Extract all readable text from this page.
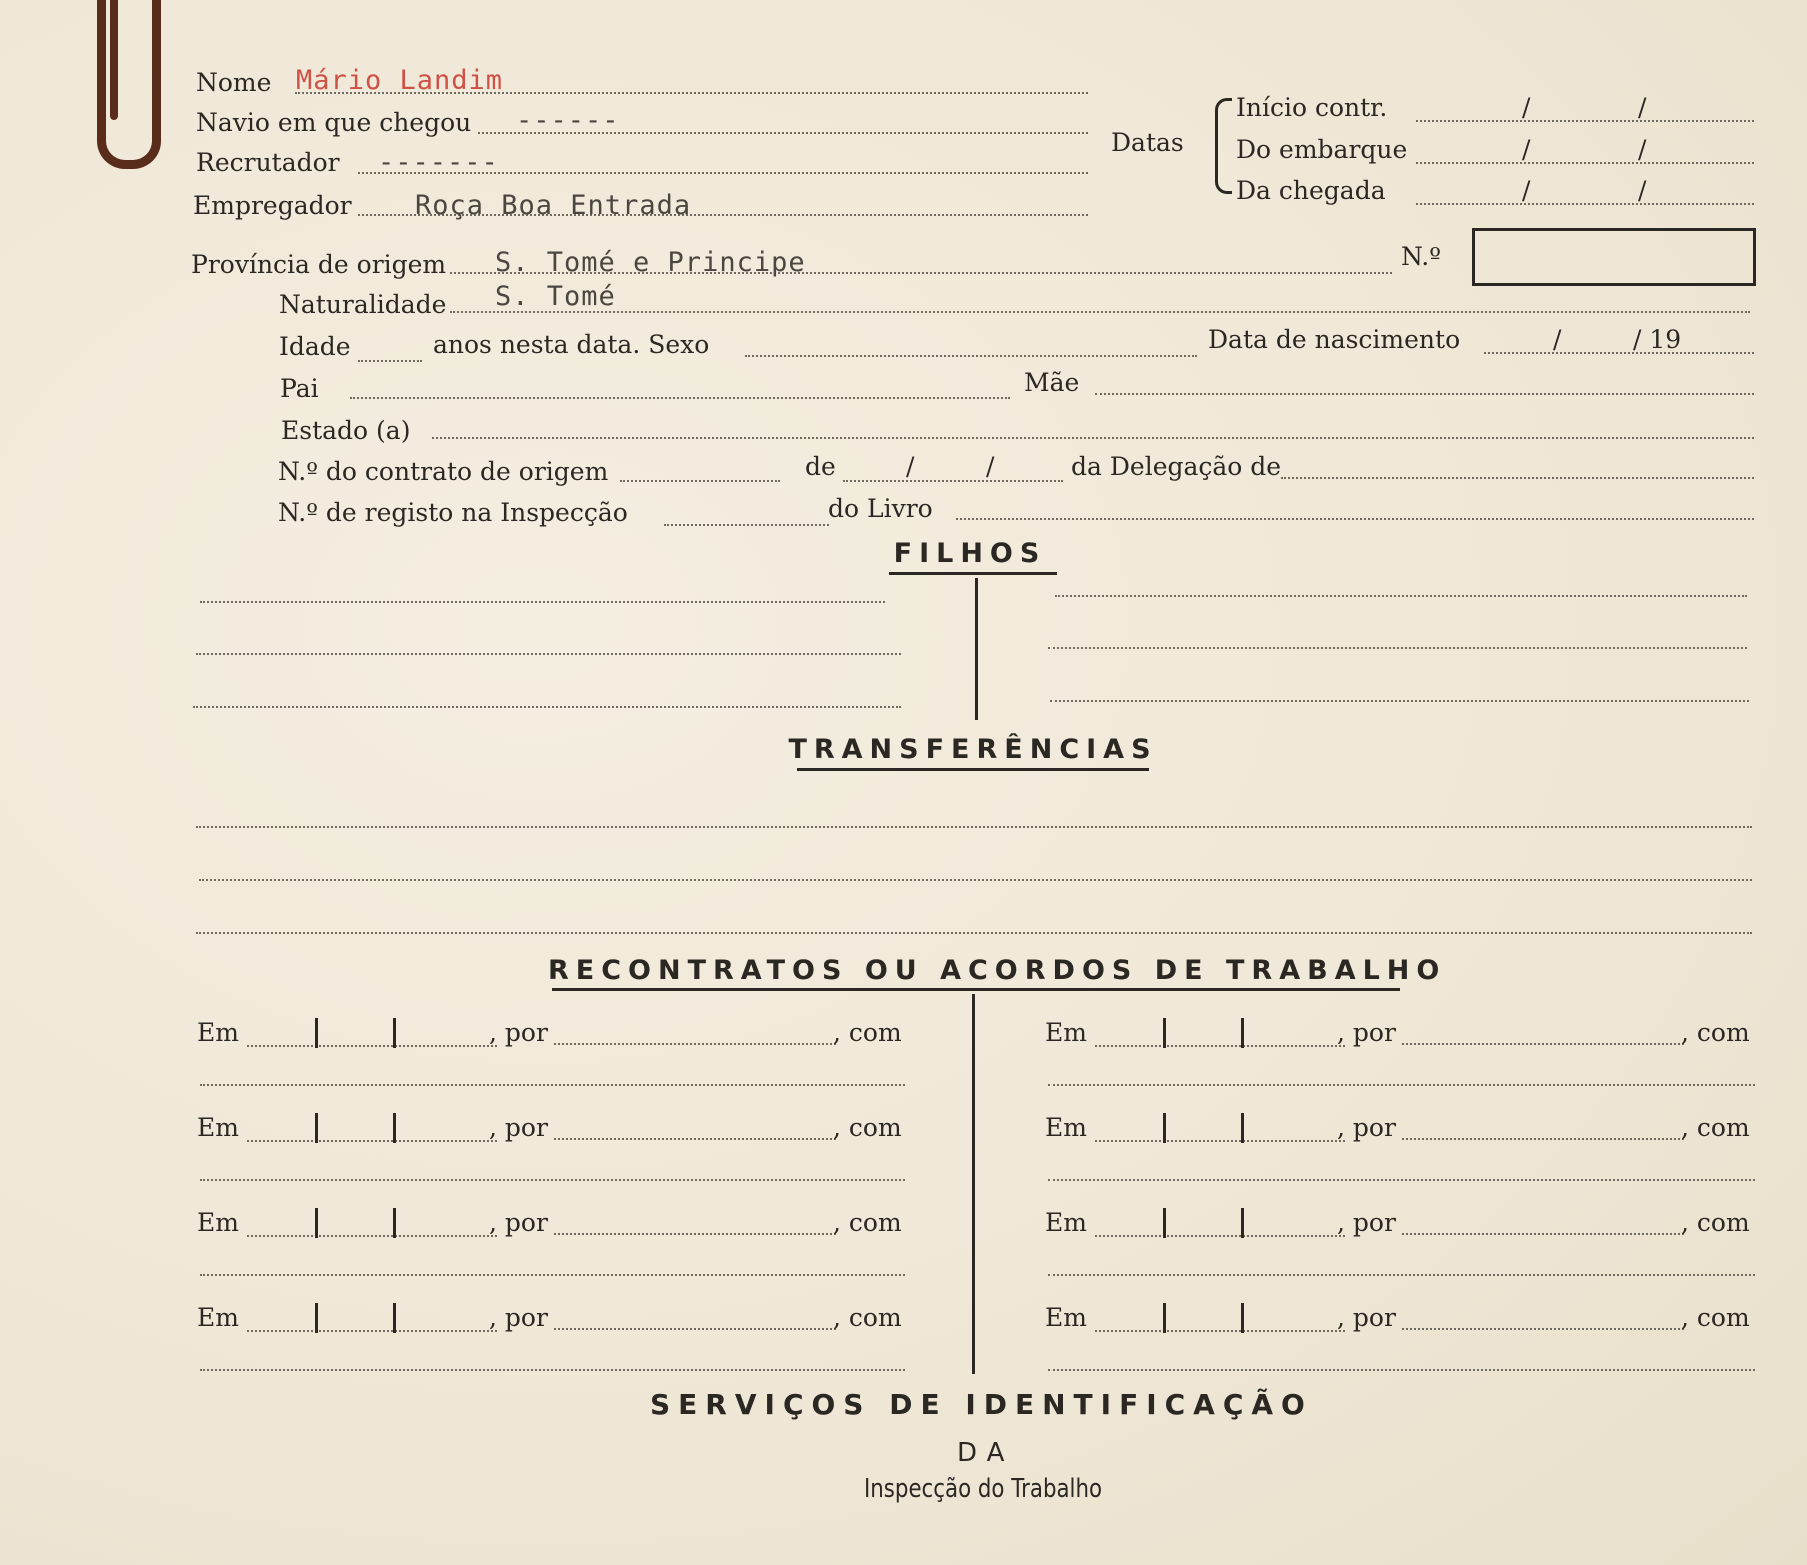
Nome Mário Landim
Navio em que chegou ------
Recrutador -------
Empregador Roça Boa Entrada
Datas
Início contr.	/	/
Do embarque	/	/
Da chegada	/	/
Província de origem S. Tomé e Principe	N.º
Naturalidade S. Tomé
Idade	anos nesta data. Sexo	Data de nascimento	/	/ 19
Pai	Mãe
Estado (a)
N.º do contrato de origem	de	/	/	da Delegação de
N.º de registo na Inspecção	do Livro
FILHOS
TRANSFERÊNCIAS
RECONTRATOS OU ACORDOS DE TRABALHO
SERVIÇOS DE IDENTIFICAÇÃO
DA
Inspecção do Trabalho
Em	, por	, com	Em	, por	, com
Em	, por	, com	Em	, por	, com
Em	, por	, com	Em	, por	, com
Em	, por	, com	Em	, por	, com
